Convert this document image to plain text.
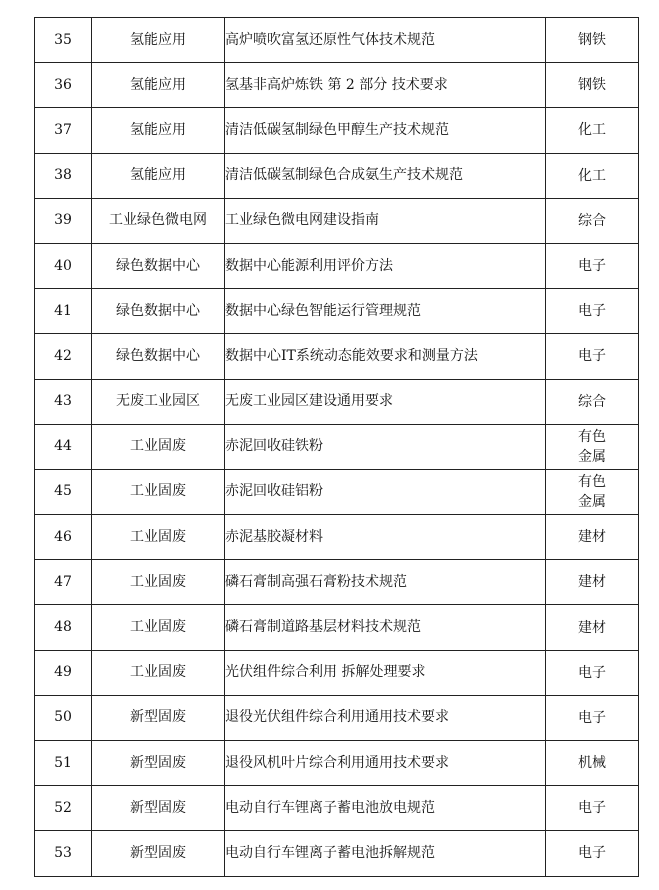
35	氢能应用	高炉喷吹富氢还原性气体技术规范	钢铁
36	氢能应用	氢基非高炉炼铁 第 2 部分 技术要求	钢铁
37	氢能应用	清洁低碳氢制绿色甲醇生产技术规范	化工
38	氢能应用	清洁低碳氢制绿色合成氨生产技术规范	化工
39	工业绿色微电网	工业绿色微电网建设指南	综合
40	绿色数据中心	数据中心能源利用评价方法	电子
41	绿色数据中心	数据中心绿色智能运行管理规范	电子
42	绿色数据中心	数据中心IT系统动态能效要求和测量方法	电子
43	无废工业园区	无废工业园区建设通用要求	综合
44	工业固废	赤泥回收硅铁粉	有色金属
45	工业固废	赤泥回收硅铝粉	有色金属
46	工业固废	赤泥基胶凝材料	建材
47	工业固废	磷石膏制高强石膏粉技术规范	建材
48	工业固废	磷石膏制道路基层材料技术规范	建材
49	工业固废	光伏组件综合利用 拆解处理要求	电子
50	新型固废	退役光伏组件综合利用通用技术要求	电子
51	新型固废	退役风机叶片综合利用通用技术要求	机械
52	新型固废	电动自行车锂离子蓄电池放电规范	电子
53	新型固废	电动自行车锂离子蓄电池拆解规范	电子
